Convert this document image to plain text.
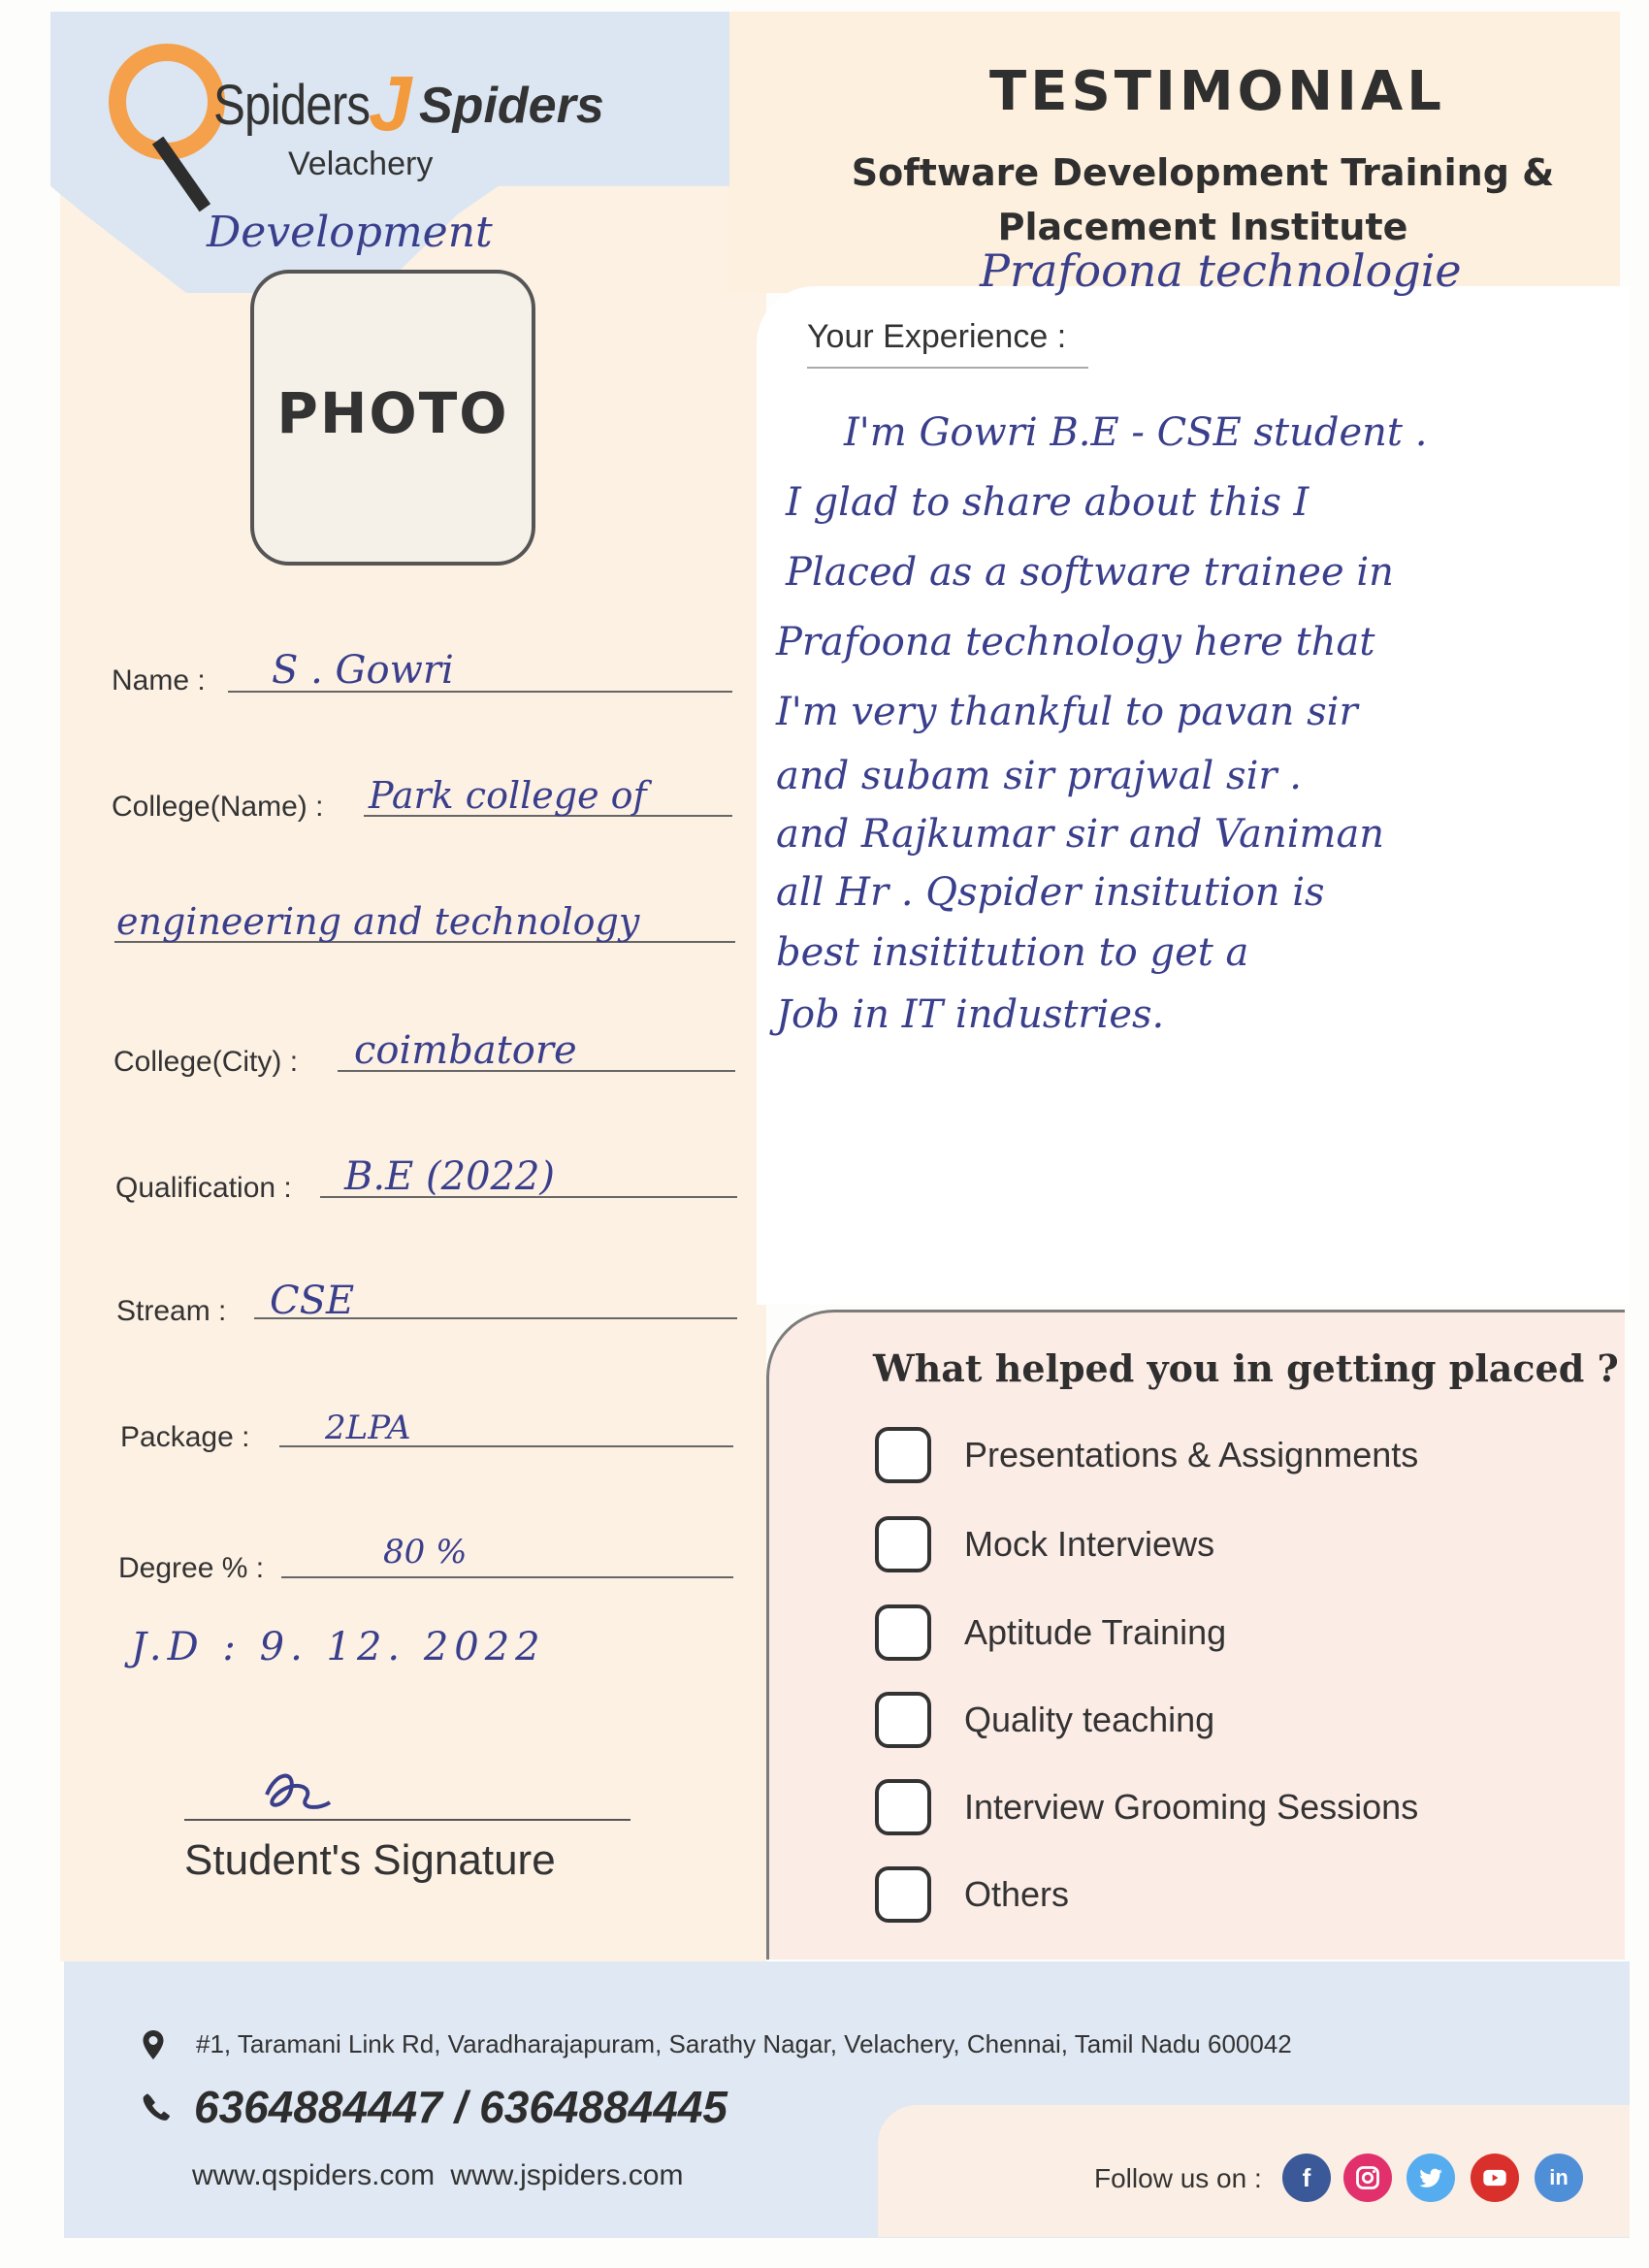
Spiders
J Spiders
Velachery
Development
PHOTO
TESTIMONIAL
Software Development Training &
Placement Institute
Prafoona technologie
Your Experience :
I'm Gowri B.E - CSE student .
I glad to share about this I
Placed as a software trainee in
Prafoona technology here that
I'm very thankful to pavan sir
and subam sir prajwal sir .
and Rajkumar sir and Vaniman
all Hr . Qspider insitution is
best insititution to get a
Job in IT industries.
Name : S . Gowri
College(Name) : Park college of
engineering and technology
College(City) : coimbatore
Qualification : B.E (2022)
Stream : CSE
Package : 2LPA
Degree % :	80 %
J.D : 9. 12. 2022
Student's Signature
What helped you in getting placed ?
Presentations & Assignments
Mock Interviews
Aptitude Training
Quality teaching
Interview Grooming Sessions
Others
#1, Taramani Link Rd, Varadharajapuram, Sarathy Nagar, Velachery, Chennai, Tamil Nadu 600042
6364884447 / 6364884445
www.qspiders.com www.jspiders.com	Follow us on :	f	in
